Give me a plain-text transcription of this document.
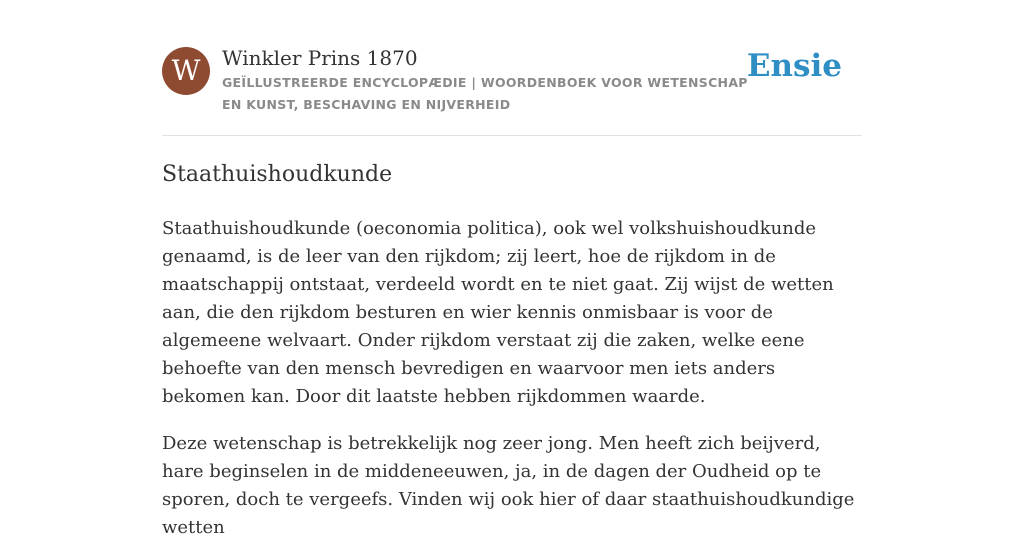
W	Winkler Prins 1870
GEÏLLUSTREERDE ENCYCLOPÆDIE | WOORDENBOEK VOOR WETENSCHAP EN KUNST, BESCHAVING EN NIJVERHEID
Ensie
Staathuishoudkunde

Staathuishoudkunde (oeconomia politica), ook wel volkshuishoudkunde genaamd, is de leer van den rijkdom; zij leert, hoe de rijkdom in de maatschappij ontstaat, verdeeld wordt en te niet gaat. Zij wijst de wetten aan, die den rijkdom besturen en wier kennis onmisbaar is voor de algemeene welvaart. Onder rijkdom verstaat zij die zaken, welke eene behoefte van den mensch bevredigen en waarvoor men iets anders bekomen kan. Door dit laatste hebben rijkdommen waarde.

Deze wetenschap is betrekkelijk nog zeer jong. Men heeft zich beijverd, hare beginselen in de middeneeuwen, ja, in de dagen der Oudheid op te sporen, doch te vergeefs. Vinden wij ook hier of daar staathuishoudkundige wetten
